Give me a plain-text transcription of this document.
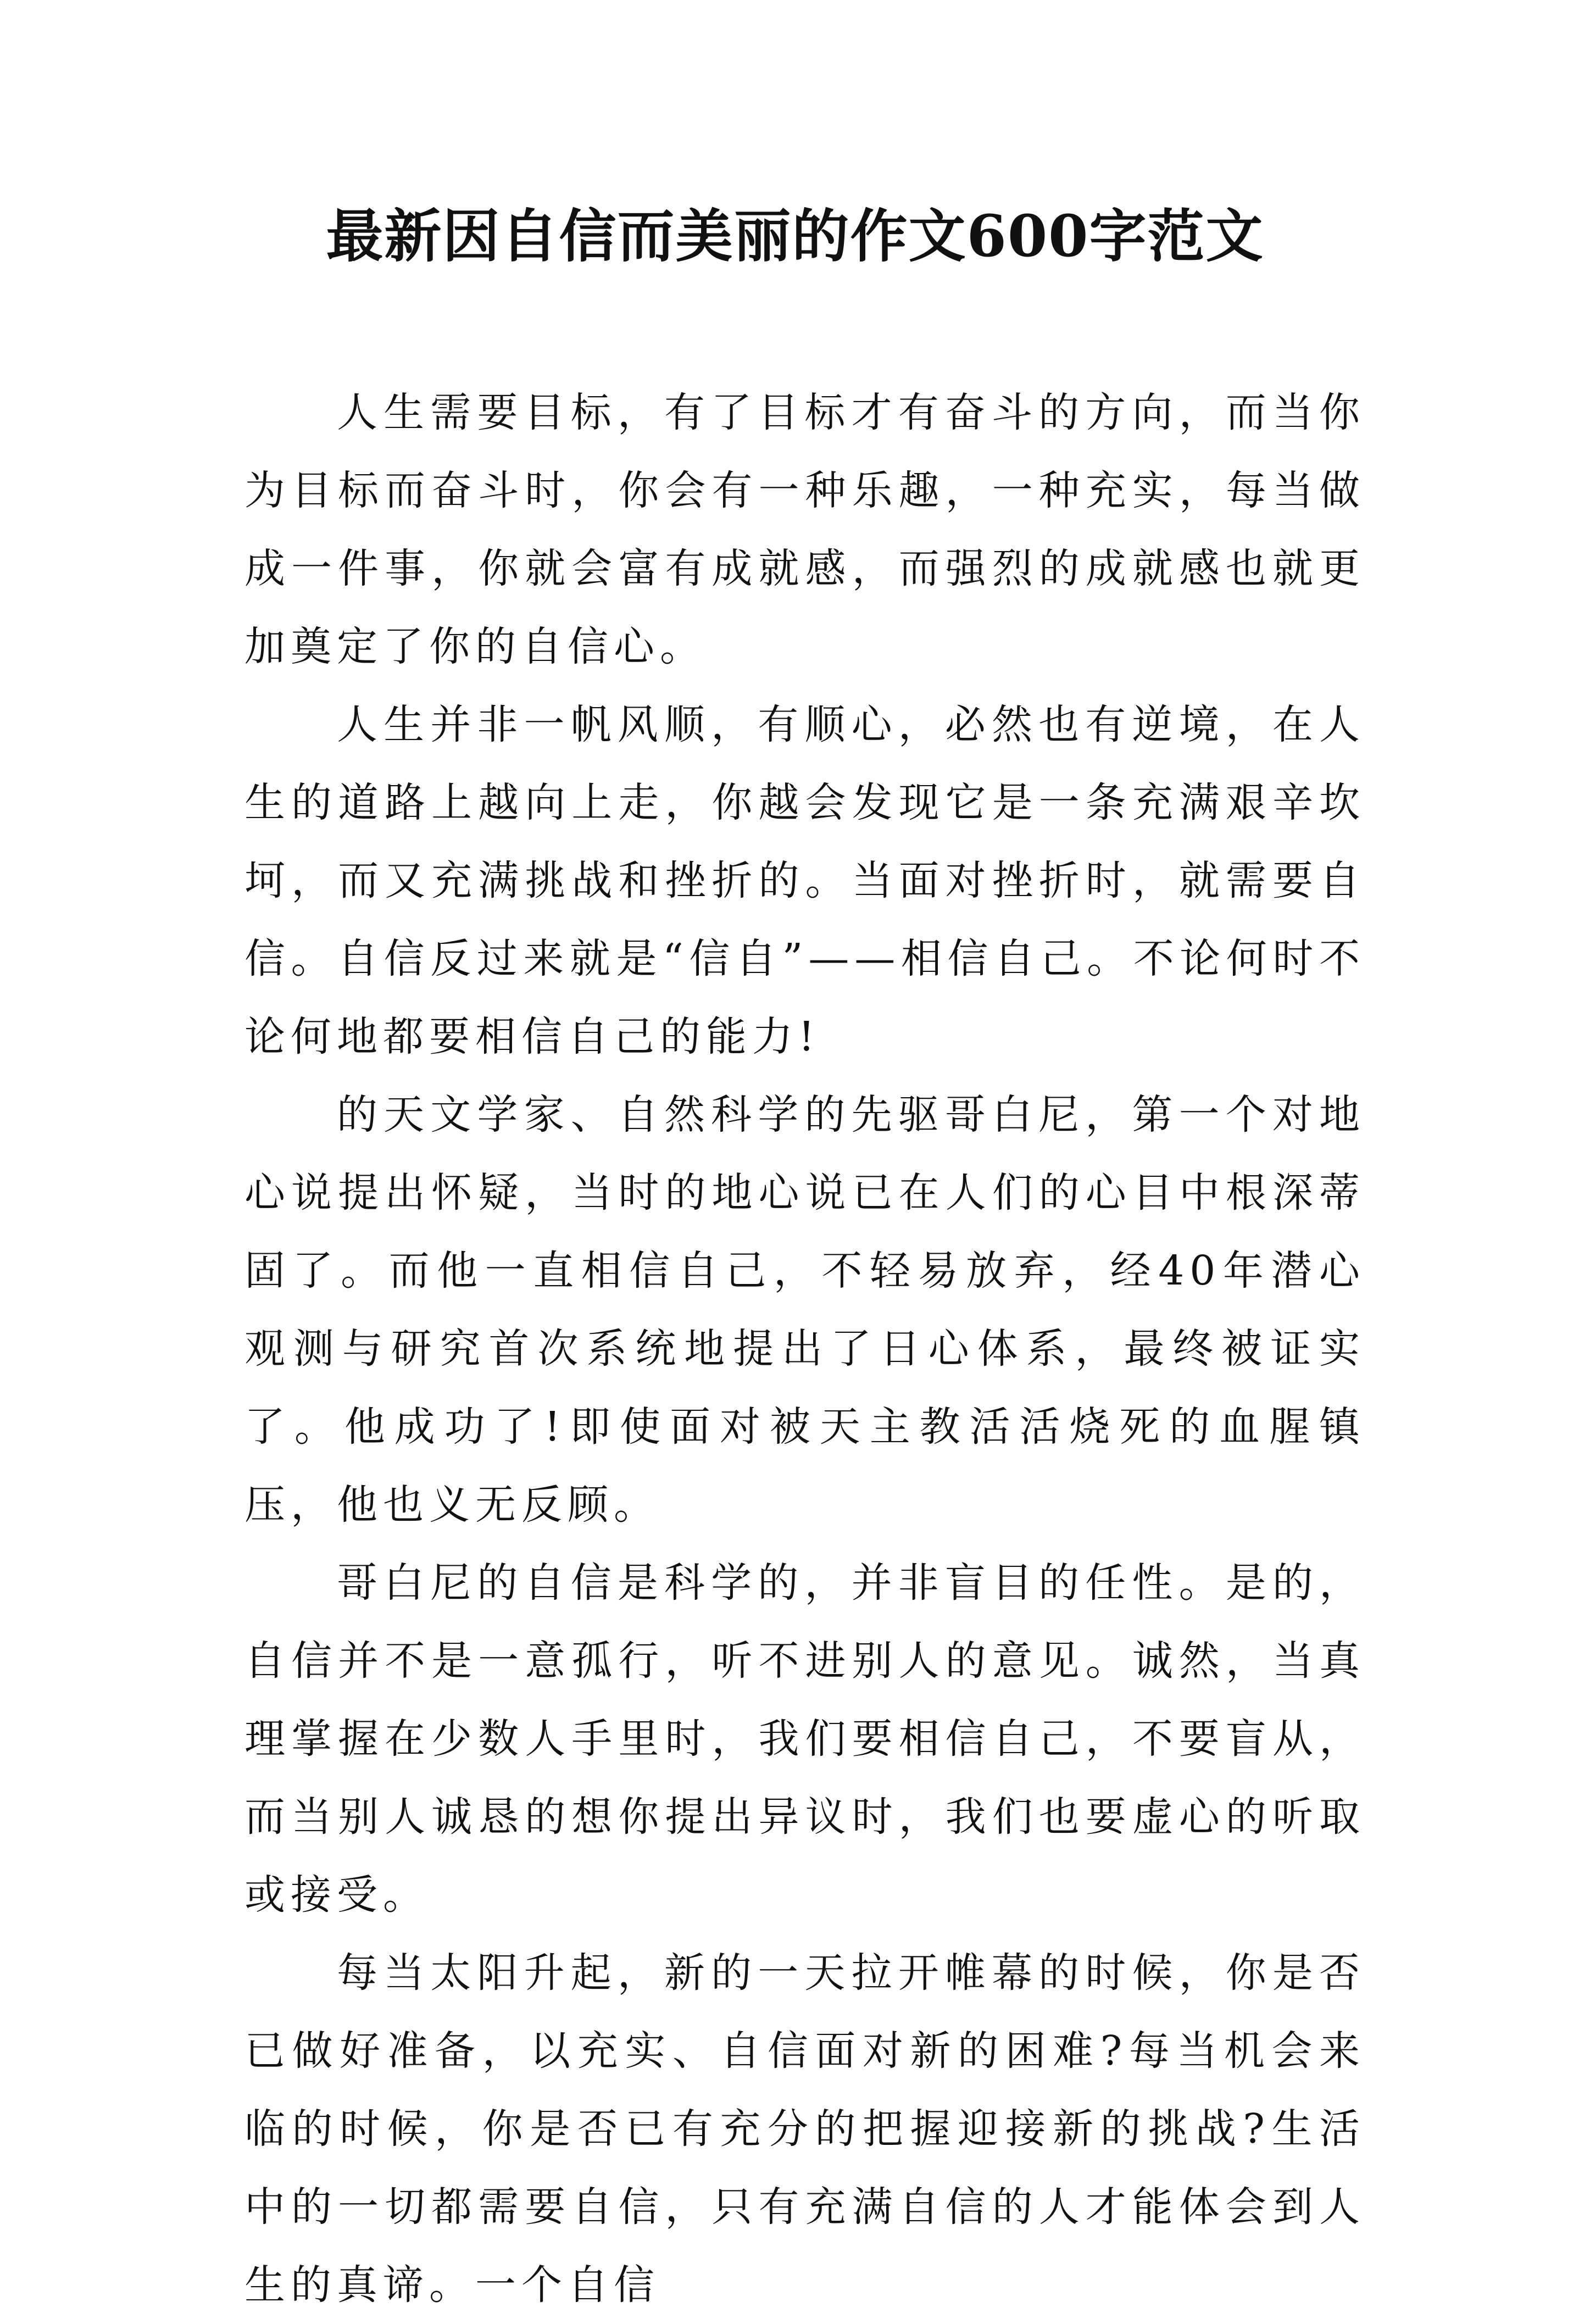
最新因自信而美丽的作文600字范文

人生需要目标，有了目标才有奋斗的方向，而当你为目标而奋斗时，你会有一种乐趣，一种充实，每当做成一件事，你就会富有成就感，而强烈的成就感也就更加奠定了你的自信心。

人生并非一帆风顺，有顺心，必然也有逆境，在人生的道路上越向上走，你越会发现它是一条充满艰辛坎坷，而又充满挑战和挫折的。当面对挫折时，就需要自信。自信反过来就是“信自”——相信自己。不论何时不论何地都要相信自己的能力!

的天文学家、自然科学的先驱哥白尼，第一个对地心说提出怀疑，当时的地心说已在人们的心目中根深蒂固了。而他一直相信自己，不轻易放弃，经40年潜心观测与研究首次系统地提出了日心体系，最终被证实了。他成功了!即使面对被天主教活活烧死的血腥镇压，他也义无反顾。

哥白尼的自信是科学的，并非盲目的任性。是的，自信并不是一意孤行，听不进别人的意见。诚然，当真理掌握在少数人手里时，我们要相信自己，不要盲从，而当别人诚恳的想你提出异议时，我们也要虚心的听取或接受。

每当太阳升起，新的一天拉开帷幕的时候，你是否已做好准备，以充实、自信面对新的困难?每当机会来临的时候，你是否已有充分的把握迎接新的挑战?生活中的一切都需要自信，只有充满自信的人才能体会到人生的真谛。一个自信
